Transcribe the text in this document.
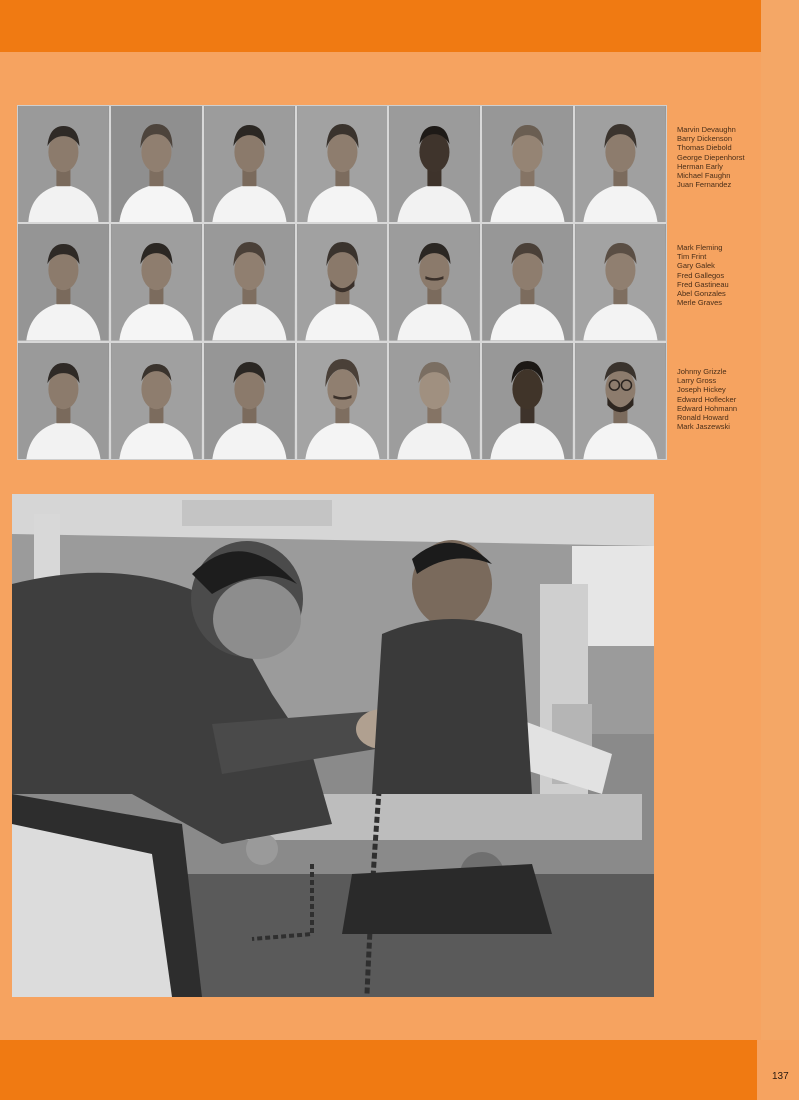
Marvin Devaughn
Barry Dickenson
Thomas Diebold
George Diepenhorst
Herman Early
Michael Faughn
Juan Fernandez
Mark Fleming
Tim Frint
Gary Galek
Fred Gallegos
Fred Gastineau
Abel Gonzales
Merle Graves
Johnny Grizzle
Larry Gross
Joseph Hickey
Edward Hoflecker
Edward Hohmann
Ronald Howard
Mark Jaszewski
137
